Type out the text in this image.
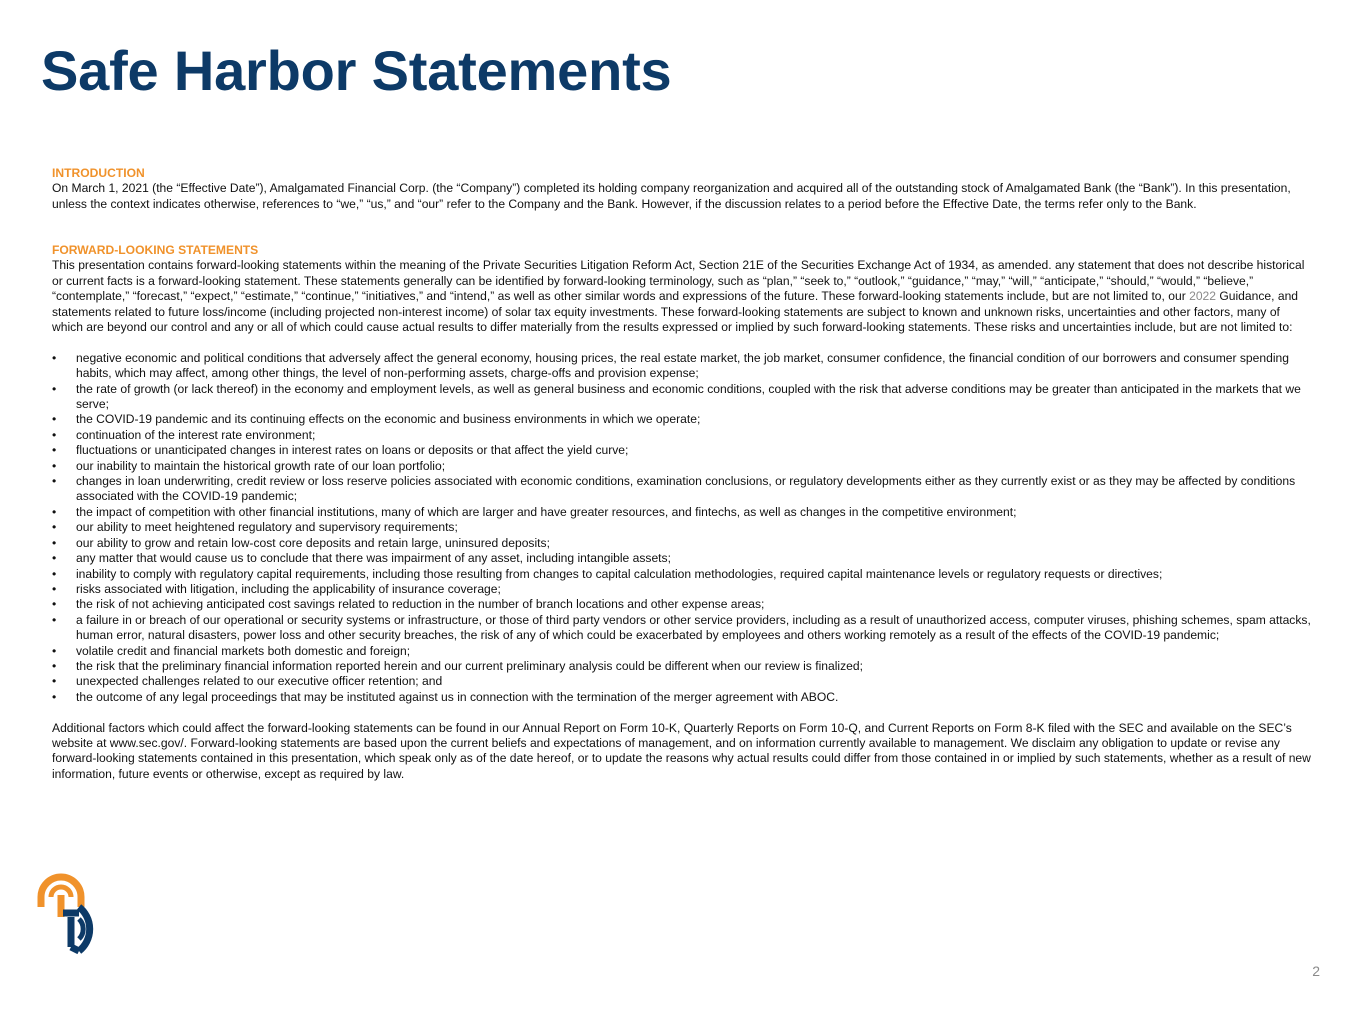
Safe Harbor Statements

INTRODUCTION

On March 1, 2021 (the “Effective Date”), Amalgamated Financial Corp. (the “Company”) completed its holding company reorganization and acquired all of the outstanding stock of Amalgamated Bank (the “Bank”). In this presentation, unless the context indicates otherwise, references to “we,” “us,” and “our” refer to the Company and the Bank. However, if the discussion relates to a period before the Effective Date, the terms refer only to the Bank.

FORWARD-LOOKING STATEMENTS

This presentation contains forward-looking statements within the meaning of the Private Securities Litigation Reform Act, Section 21E of the Securities Exchange Act of 1934, as amended. any statement that does not describe historical or current facts is a forward-looking statement. These statements generally can be identified by forward-looking terminology, such as “plan,” “seek to,” “outlook,” “guidance,” “may,” “will,” “anticipate,” “should,” “would,” “believe,” “contemplate,” “forecast,” “expect,” “estimate,” “continue,” “initiatives,” and “intend,” as well as other similar words and expressions of the future. These forward-looking statements include, but are not limited to, our 2022 Guidance, and statements related to future loss/income (including projected non-interest income) of solar tax equity investments. These forward-looking statements are subject to known and unknown risks, uncertainties and other factors, many of which are beyond our control and any or all of which could cause actual results to differ materially from the results expressed or implied by such forward-looking statements. These risks and uncertainties include, but are not limited to:

• negative economic and political conditions that adversely affect the general economy, housing prices, the real estate market, the job market, consumer confidence, the financial condition of our borrowers and consumer spending habits, which may affect, among other things, the level of non-performing assets, charge-offs and provision expense;
• the rate of growth (or lack thereof) in the economy and employment levels, as well as general business and economic conditions, coupled with the risk that adverse conditions may be greater than anticipated in the markets that we serve;
• the COVID-19 pandemic and its continuing effects on the economic and business environments in which we operate;
• continuation of the interest rate environment;
• fluctuations or unanticipated changes in interest rates on loans or deposits or that affect the yield curve;
• our inability to maintain the historical growth rate of our loan portfolio;
• changes in loan underwriting, credit review or loss reserve policies associated with economic conditions, examination conclusions, or regulatory developments either as they currently exist or as they may be affected by conditions associated with the COVID-19 pandemic;
• the impact of competition with other financial institutions, many of which are larger and have greater resources, and fintechs, as well as changes in the competitive environment;
• our ability to meet heightened regulatory and supervisory requirements;
• our ability to grow and retain low-cost core deposits and retain large, uninsured deposits;
• any matter that would cause us to conclude that there was impairment of any asset, including intangible assets;
• inability to comply with regulatory capital requirements, including those resulting from changes to capital calculation methodologies, required capital maintenance levels or regulatory requests or directives;
• risks associated with litigation, including the applicability of insurance coverage;
• the risk of not achieving anticipated cost savings related to reduction in the number of branch locations and other expense areas;
• a failure in or breach of our operational or security systems or infrastructure, or those of third party vendors or other service providers, including as a result of unauthorized access, computer viruses, phishing schemes, spam attacks, human error, natural disasters, power loss and other security breaches, the risk of any of which could be exacerbated by employees and others working remotely as a result of the effects of the COVID-19 pandemic;
• volatile credit and financial markets both domestic and foreign;
• the risk that the preliminary financial information reported herein and our current preliminary analysis could be different when our review is finalized;
• unexpected challenges related to our executive officer retention; and
• the outcome of any legal proceedings that may be instituted against us in connection with the termination of the merger agreement with ABOC.

Additional factors which could affect the forward-looking statements can be found in our Annual Report on Form 10-K, Quarterly Reports on Form 10-Q, and Current Reports on Form 8-K filed with the SEC and available on the SEC’s website at www.sec.gov/. Forward-looking statements are based upon the current beliefs and expectations of management, and on information currently available to management. We disclaim any obligation to update or revise any forward-looking statements contained in this presentation, which speak only as of the date hereof, or to update the reasons why actual results could differ from those contained in or implied by such statements, whether as a result of new information, future events or otherwise, except as required by law.

2
